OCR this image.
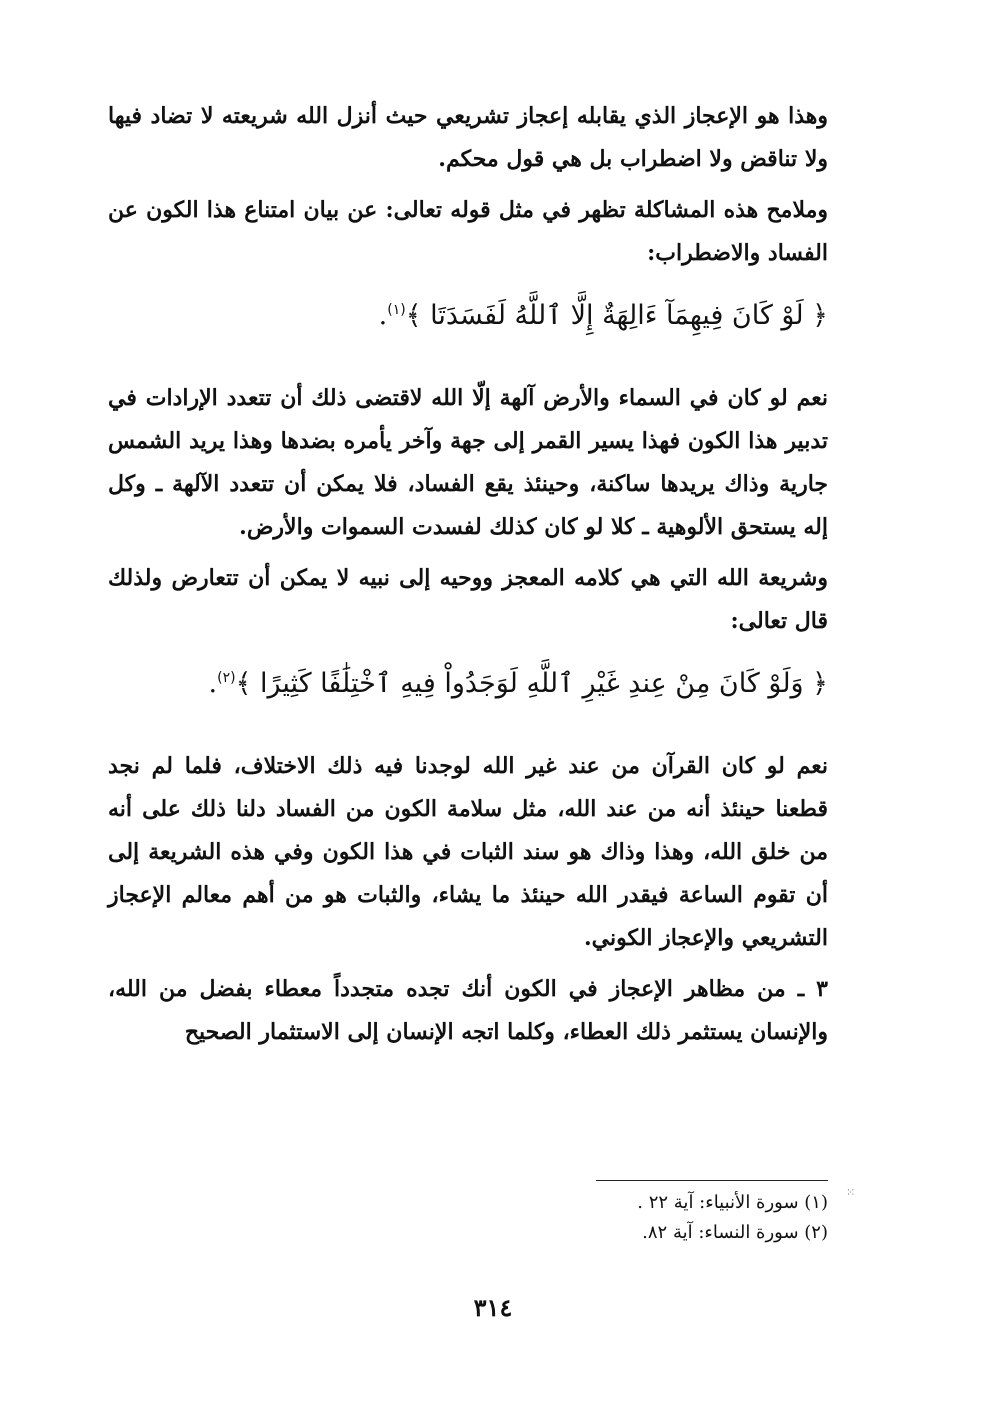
وهذا هو الإعجاز الذي يقابله إعجاز تشريعي حيث أنزل الله شريعته لا تضاد فيها ولا تناقض ولا اضطراب بل هي قول محكم.

وملامح هذه المشاكلة تظهر في مثل قوله تعالى: عن بيان امتناع هذا الكون عن الفساد والاضطراب:

﴿ لَوْ كَانَ فِيهِمَآ ءَالِهَةٌ إِلَّا ٱللَّهُ لَفَسَدَتَا ﴾$^{(١)}$.

نعم لو كان في السماء والأرض آلهة إلّا الله لاقتضى ذلك أن تتعدد الإرادات في تدبير هذا الكون فهذا يسير القمر إلى جهة وآخر يأمره بضدها وهذا يريد الشمس جارية وذاك يريدها ساكنة، وحينئذ يقع الفساد، فلا يمكن أن تتعدد الآلهة ـ وكل إله يستحق الألوهية ـ كلا لو كان كذلك لفسدت السموات والأرض.

وشريعة الله التي هي كلامه المعجز ووحيه إلى نبيه لا يمكن أن تتعارض ولذلك قال تعالى:

﴿ وَلَوْ كَانَ مِنْ عِندِ غَيْرِ ٱللَّهِ لَوَجَدُواْ فِيهِ ٱخْتِلَٰفًا كَثِيرًا ﴾$^{(٢)}$.

نعم لو كان القرآن من عند غير الله لوجدنا فيه ذلك الاختلاف، فلما لم نجد قطعنا حينئذ أنه من عند الله، مثل سلامة الكون من الفساد دلنا ذلك على أنه من خلق الله، وهذا وذاك هو سند الثبات في هذا الكون وفي هذه الشريعة إلى أن تقوم الساعة فيقدر الله حينئذ ما يشاء، والثبات هو من أهم معالم الإعجاز التشريعي والإعجاز الكوني.

٣ ـ من مظاهر الإعجاز في الكون أنك تجده متجدداً معطاء بفضل من الله، والإنسان يستثمر ذلك العطاء، وكلما اتجه الإنسان إلى الاستثمار الصحيح

⁙
(١) سورة الأنبياء: آية ٢٢ .
(٢) سورة النساء: آية ٨٢.
٣١٤
